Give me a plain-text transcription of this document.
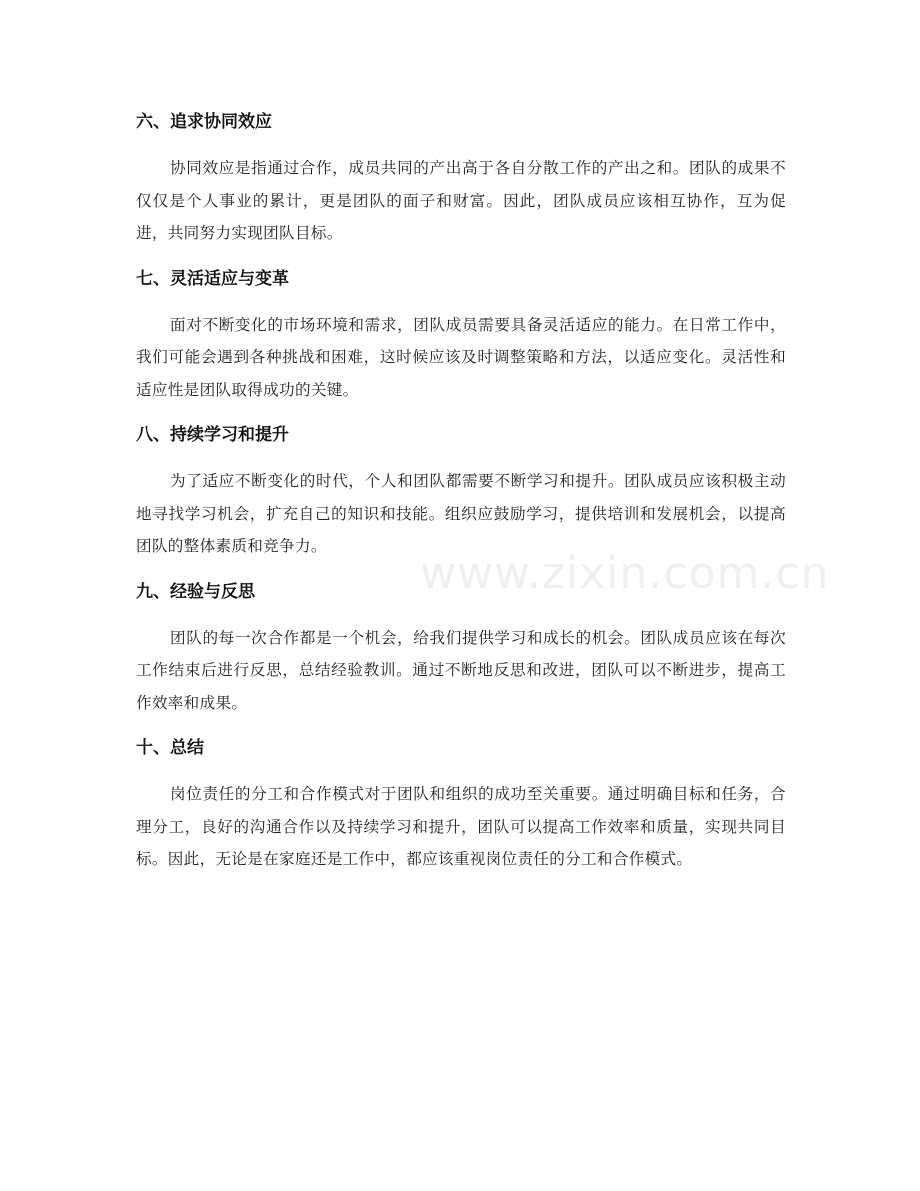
六、追求协同效应

协同效应是指通过合作，成员共同的产出高于各自分散工作的产出之和。团队的成果不仅仅是个人事业的累计，更是团队的面子和财富。因此，团队成员应该相互协作，互为促进，共同努力实现团队目标。

七、灵活适应与变革

面对不断变化的市场环境和需求，团队成员需要具备灵活适应的能力。在日常工作中，我们可能会遇到各种挑战和困难，这时候应该及时调整策略和方法，以适应变化。灵活性和适应性是团队取得成功的关键。

八、持续学习和提升

为了适应不断变化的时代，个人和团队都需要不断学习和提升。团队成员应该积极主动地寻找学习机会，扩充自己的知识和技能。组织应鼓励学习，提供培训和发展机会，以提高团队的整体素质和竞争力。

九、经验与反思

团队的每一次合作都是一个机会，给我们提供学习和成长的机会。团队成员应该在每次工作结束后进行反思，总结经验教训。通过不断地反思和改进，团队可以不断进步，提高工作效率和成果。

十、总结

岗位责任的分工和合作模式对于团队和组织的成功至关重要。通过明确目标和任务，合理分工，良好的沟通合作以及持续学习和提升，团队可以提高工作效率和质量，实现共同目标。因此，无论是在家庭还是工作中，都应该重视岗位责任的分工和合作模式。

www.zixin.com.cn
